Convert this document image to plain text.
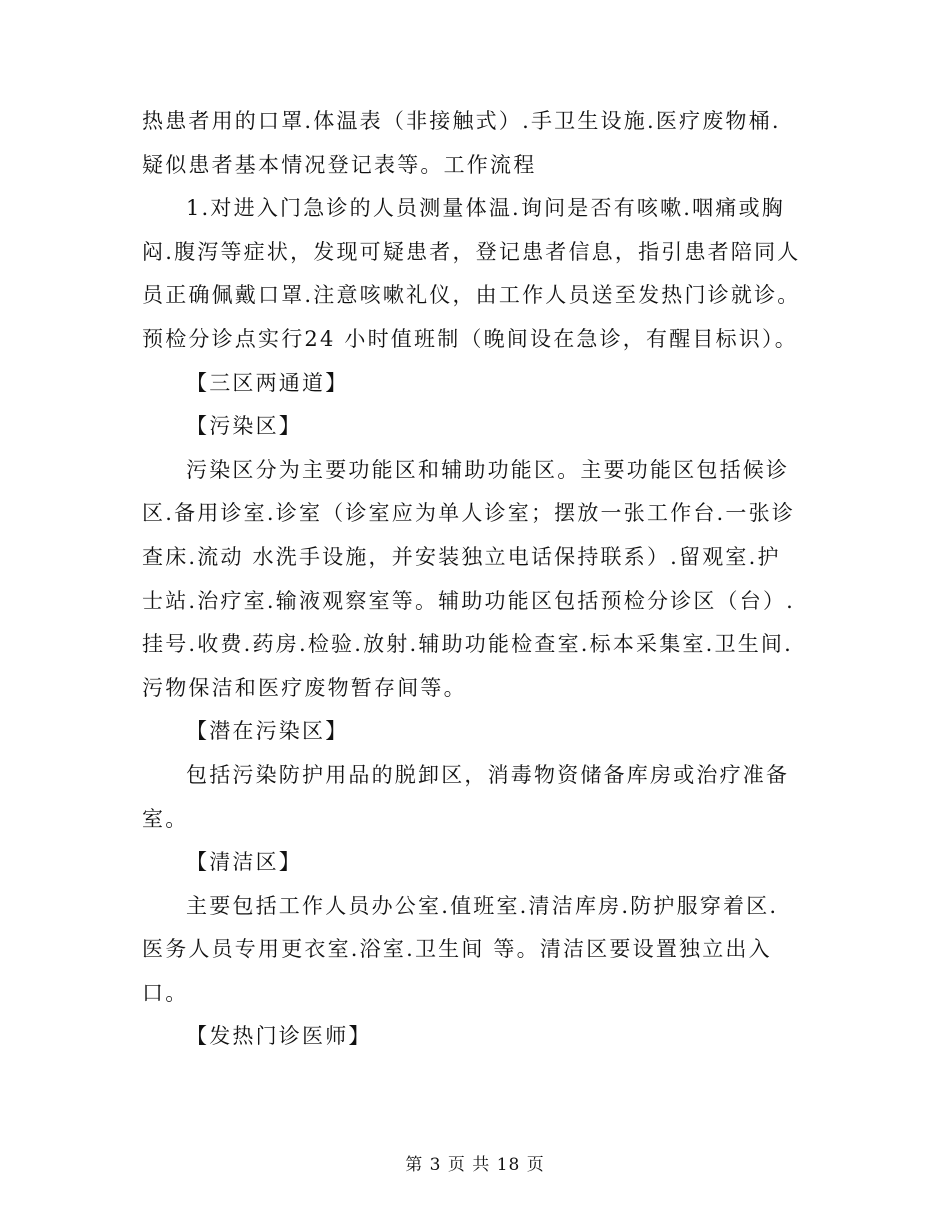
热患者用的口罩.体温表（非接触式）.手卫生设施.医疗废物桶.
疑似患者基本情况登记表等。工作流程
1.对进入门急诊的人员测量体温.询问是否有咳嗽.咽痛或胸
闷.腹泻等症状，发现可疑患者，登记患者信息，指引患者陪同人
员正确佩戴口罩.注意咳嗽礼仪，由工作人员送至发热门诊就诊。
预检分诊点实行24 小时值班制（晚间设在急诊，有醒目标识）。
【三区两通道】
【污染区】
污染区分为主要功能区和辅助功能区。主要功能区包括候诊
区.备用诊室.诊室（诊室应为单人诊室；摆放一张工作台.一张诊
查床.流动 水洗手设施，并安装独立电话保持联系）.留观室.护
士站.治疗室.输液观察室等。辅助功能区包括预检分诊区（台）.
挂号.收费.药房.检验.放射.辅助功能检查室.标本采集室.卫生间.
污物保洁和医疗废物暂存间等。
【潜在污染区】
包括污染防护用品的脱卸区，消毒物资储备库房或治疗准备
室。
【清洁区】
主要包括工作人员办公室.值班室.清洁库房.防护服穿着区.
医务人员专用更衣室.浴室.卫生间 等。清洁区要设置独立出入
口。
【发热门诊医师】
第 3 页 共 18 页
